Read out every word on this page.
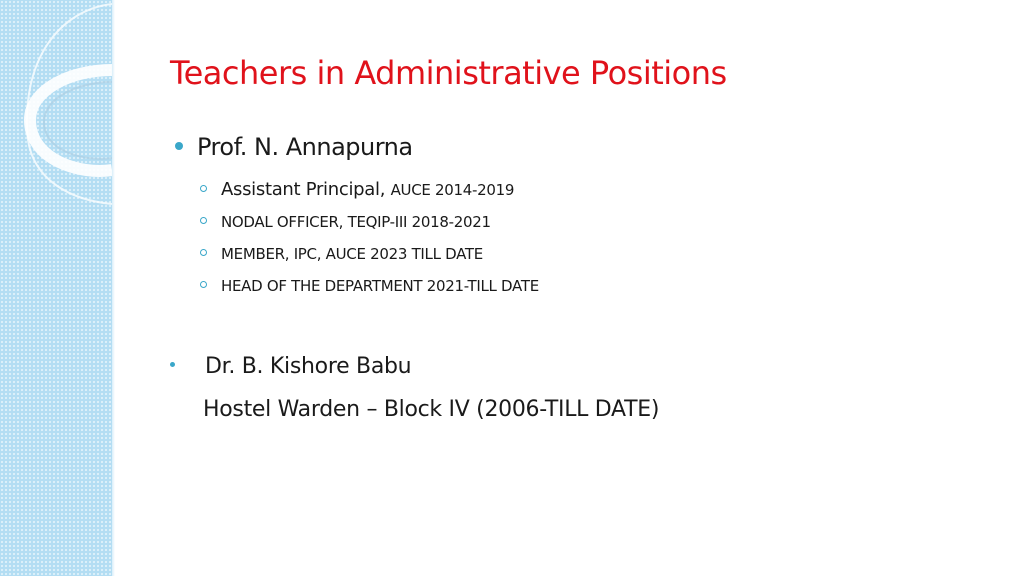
Teachers in Administrative Positions
Prof. N. Annapurna
Assistant Principal, AUCE 2014-2019
NODAL OFFICER, TEQIP-III 2018-2021
MEMBER, IPC, AUCE 2023 TILL DATE
HEAD OF THE DEPARTMENT 2021-TILL DATE
Dr. B. Kishore Babu
Hostel Warden – Block IV (2006-TILL DATE)
